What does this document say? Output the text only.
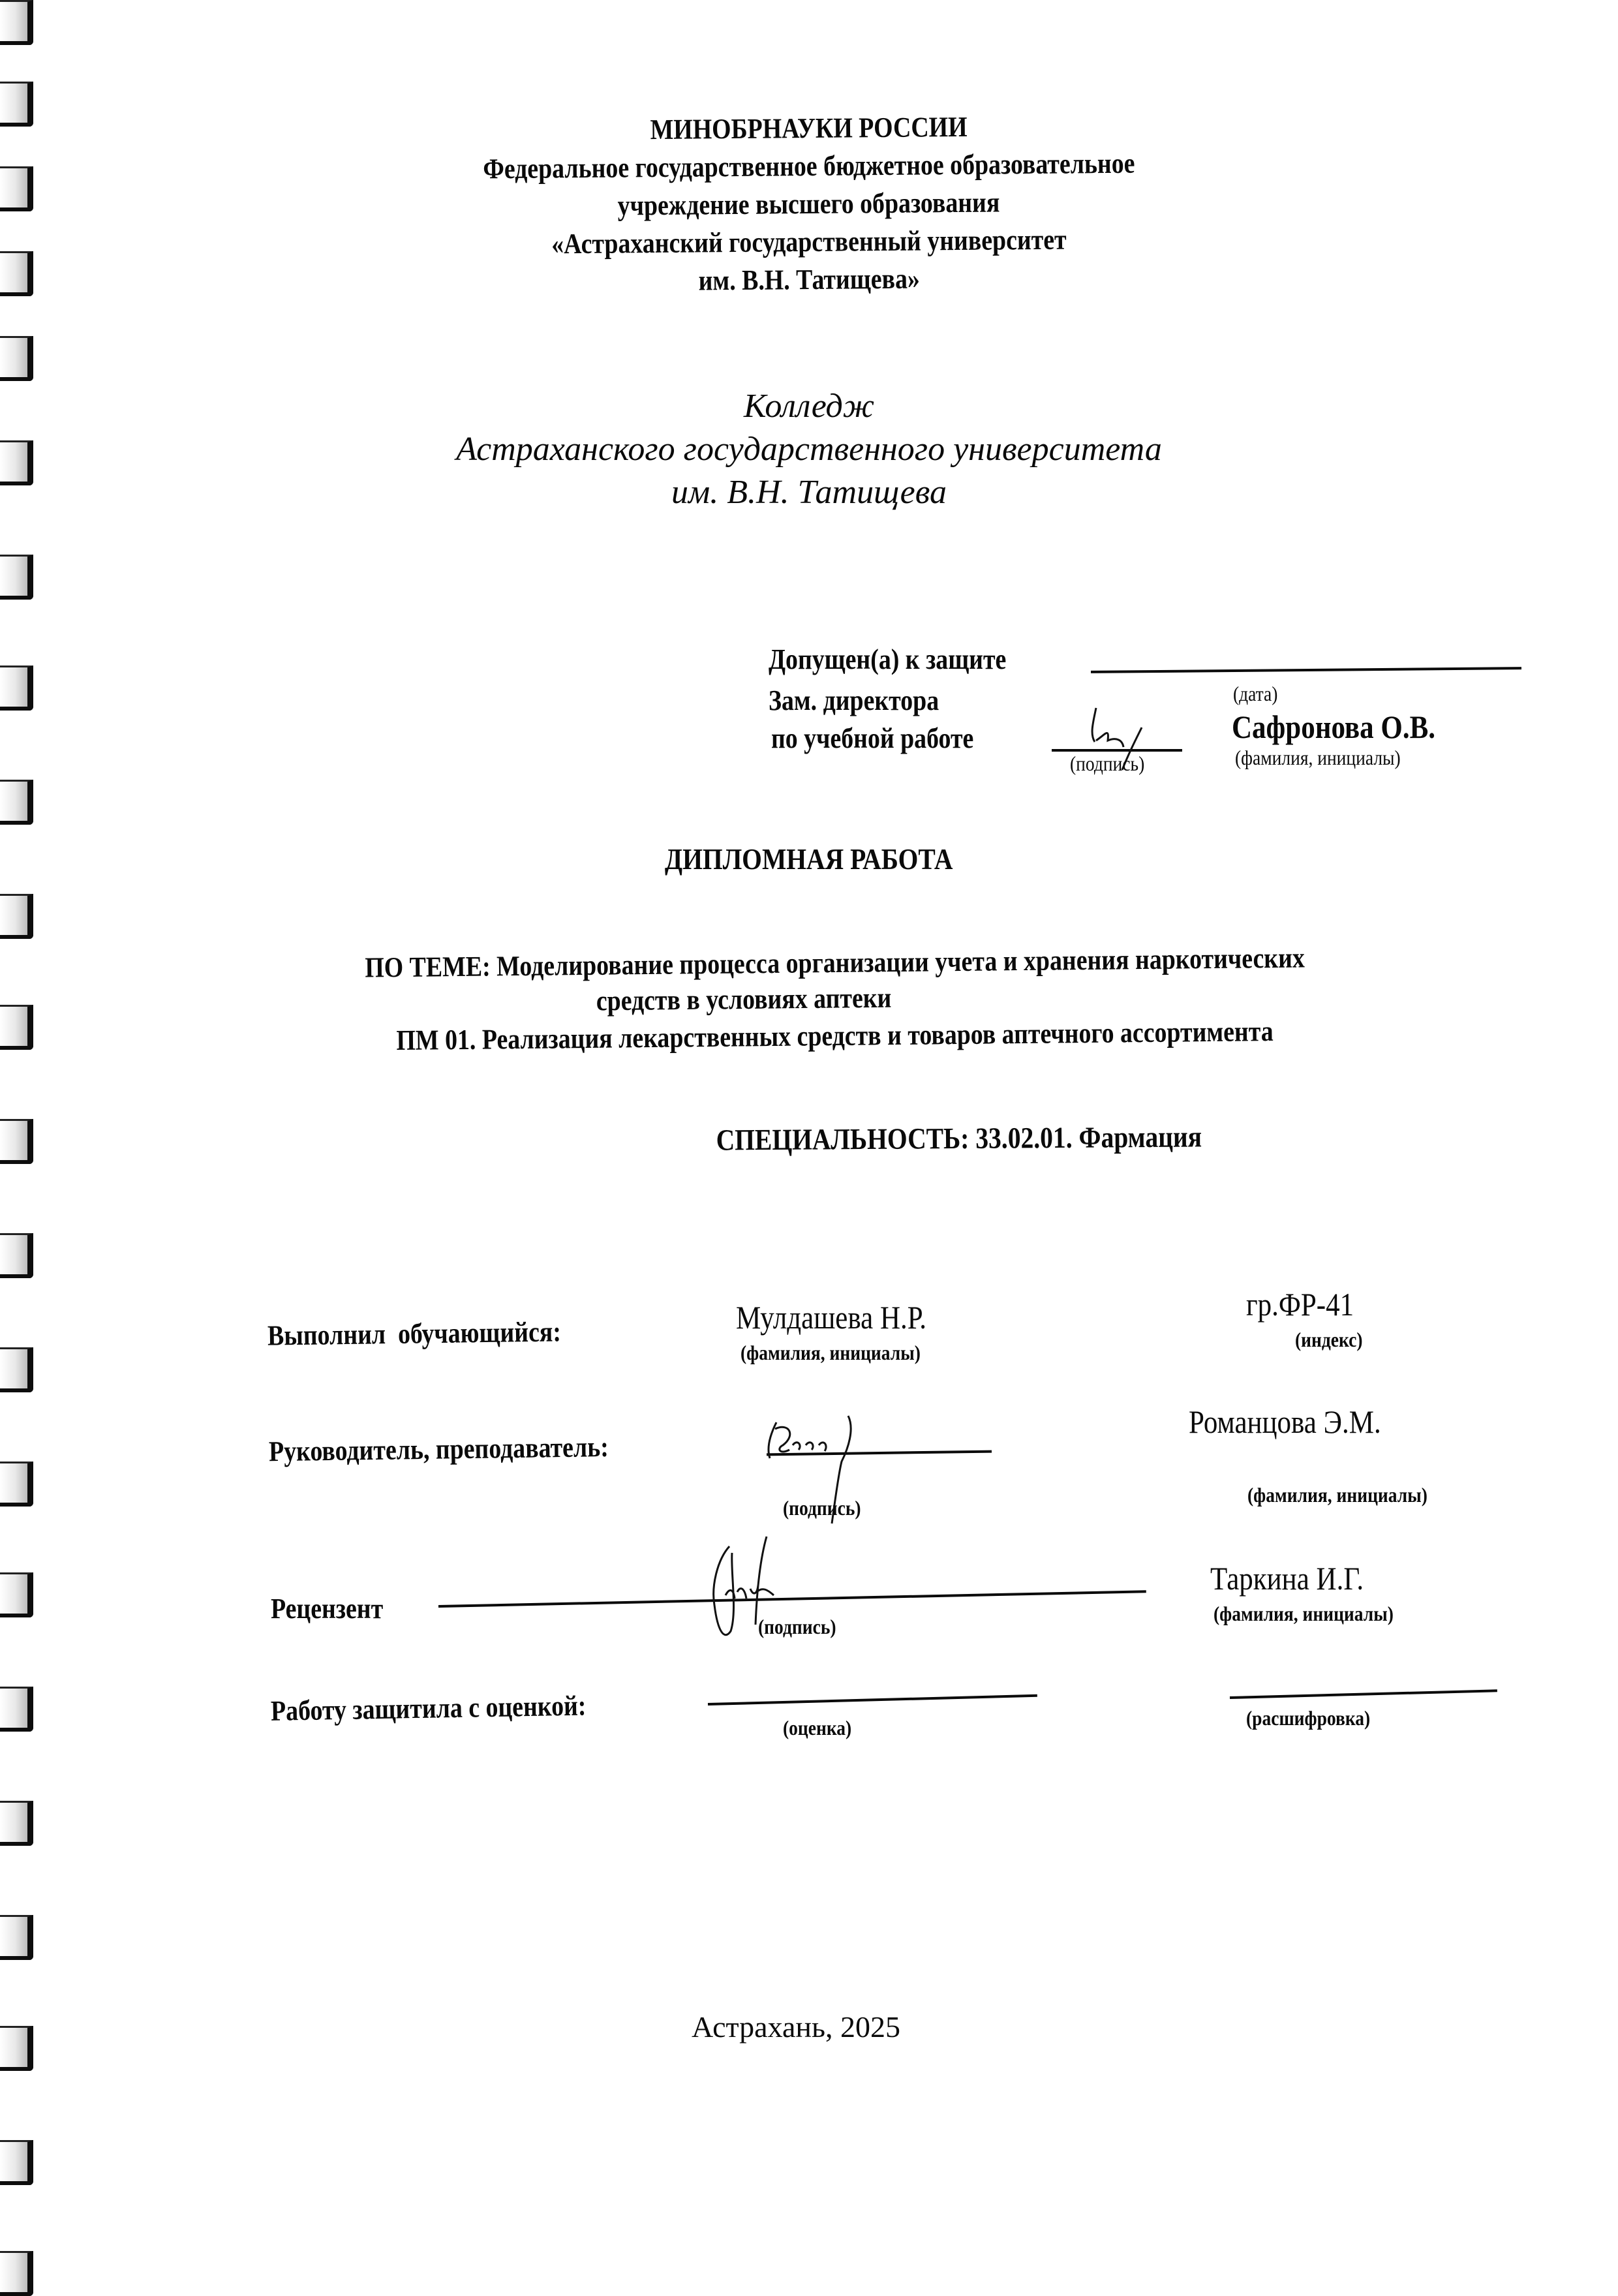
МИНОБРНАУКИ РОССИИ
Федеральное государственное бюджетное образовательное
учреждение высшего образования
«Астраханский государственный университет
им. В.Н. Татищева»
Колледж
Астраханского государственного университета
им. В.Н. Татищева
Допущен(а) к защите
(дата)
Зам. директора
по учебной работе
(подпись)
Сафронова О.В.
(фамилия, инициалы)
ДИПЛОМНАЯ РАБОТА
ПО ТЕМЕ: Моделирование процесса организации учета и хранения наркотических
средств в условиях аптеки
ПМ 01. Реализация лекарственных средств и товаров аптечного ассортимента
СПЕЦИАЛЬНОСТЬ: 33.02.01. Фармация
Выполнил  обучающийся:	Мулдашева Н.Р.
(фамилия, инициалы)
гр.ФР-41
(индекс)
Руководитель, преподаватель:
(подпись)
Романцова Э.М.
(фамилия, инициалы)
Рецензент
(подпись)
Таркина И.Г.
(фамилия, инициалы)
Работу защитила с оценкой:
(оценка)	(расшифровка)
Астрахань, 2025
